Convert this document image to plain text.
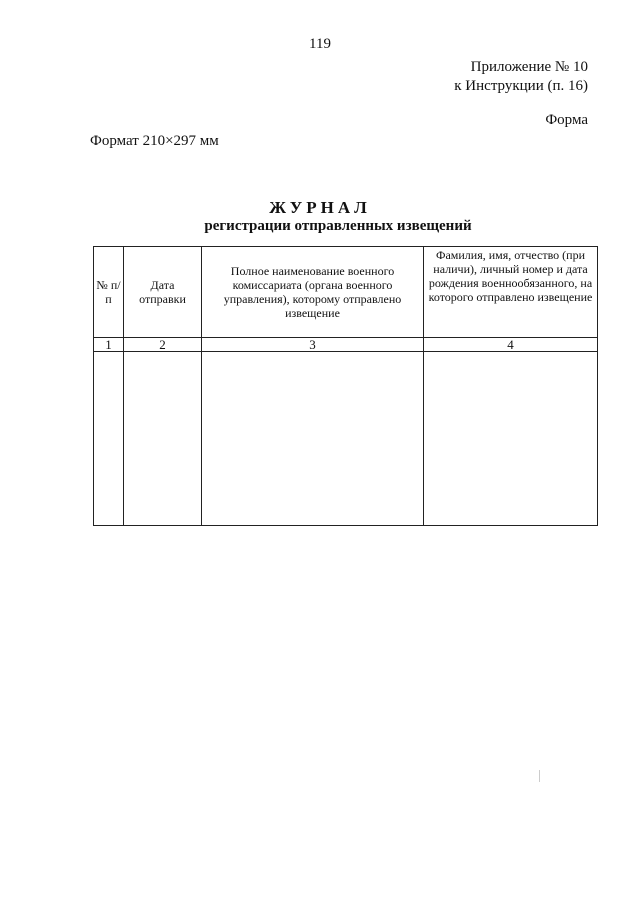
119
Приложение № 10
к Инструкции (п. 16)
Форма
Формат 210×297 мм
ЖУРНАЛ
регистрации отправленных извещений
№ п/п	Дата отправки	Полное наименование военного комиссариата (органа военного управления), которому отправлено извещение	Фамилия, имя, отчество (при наличи), личный номер и дата рождения военнообязанного, на которого отправлено извещение
1	2	3	4
